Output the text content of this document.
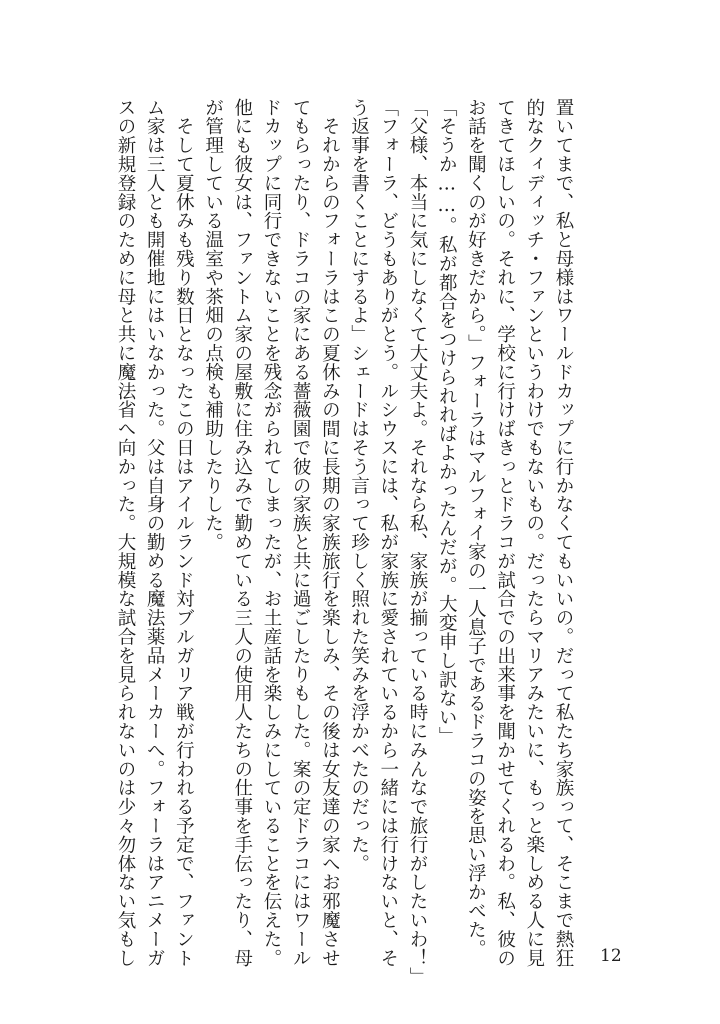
置いてまで、私と母様はワールドカップに行かなくてもいいの。だって私たち家族って、そこまで熱狂
的なクィディッチ・ファンというわけでもないもの。だったらマリアみたいに、もっと楽しめる人に見
てきてほしいの。それに、学校に行けばきっとドラコが試合での出来事を聞かせてくれるわ。私、彼の
お話を聞くのが好きだから。」フォーラはマルフォイ家の一人息子であるドラコの姿を思い浮かべた。
「そうか……。私が都合をつけられればよかったんだが。大変申し訳ない」
「父様、本当に気にしなくて大丈夫よ。それなら私、家族が揃っている時にみんなで旅行がしたいわ！」
「フォーラ、どうもありがとう。ルシウスには、私が家族に愛されているから一緒には行けないと、そ
う返事を書くことにするよ」シェードはそう言って珍しく照れた笑みを浮かべたのだった。
　それからのフォーラはこの夏休みの間に長期の家族旅行を楽しみ、その後は女友達の家へお邪魔させ
てもらったり、ドラコの家にある薔薇園で彼の家族と共に過ごしたりもした。案の定ドラコにはワール
ドカップに同行できないことを残念がられてしまったが、お土産話を楽しみにしていることを伝えた。
他にも彼女は、ファントム家の屋敷に住み込みで勤めている三人の使用人たちの仕事を手伝ったり、母
が管理している温室や茶畑の点検も補助したりした。
　そして夏休みも残り数日となったこの日はアイルランド対ブルガリア戦が行われる予定で、ファント
ム家は三人とも開催地にはいなかった。父は自身の勤める魔法薬品メーカーへ。フォーラはアニメーガ
スの新規登録のために母と共に魔法省へ向かった。大規模な試合を見られないのは少々勿体ない気もし	12
